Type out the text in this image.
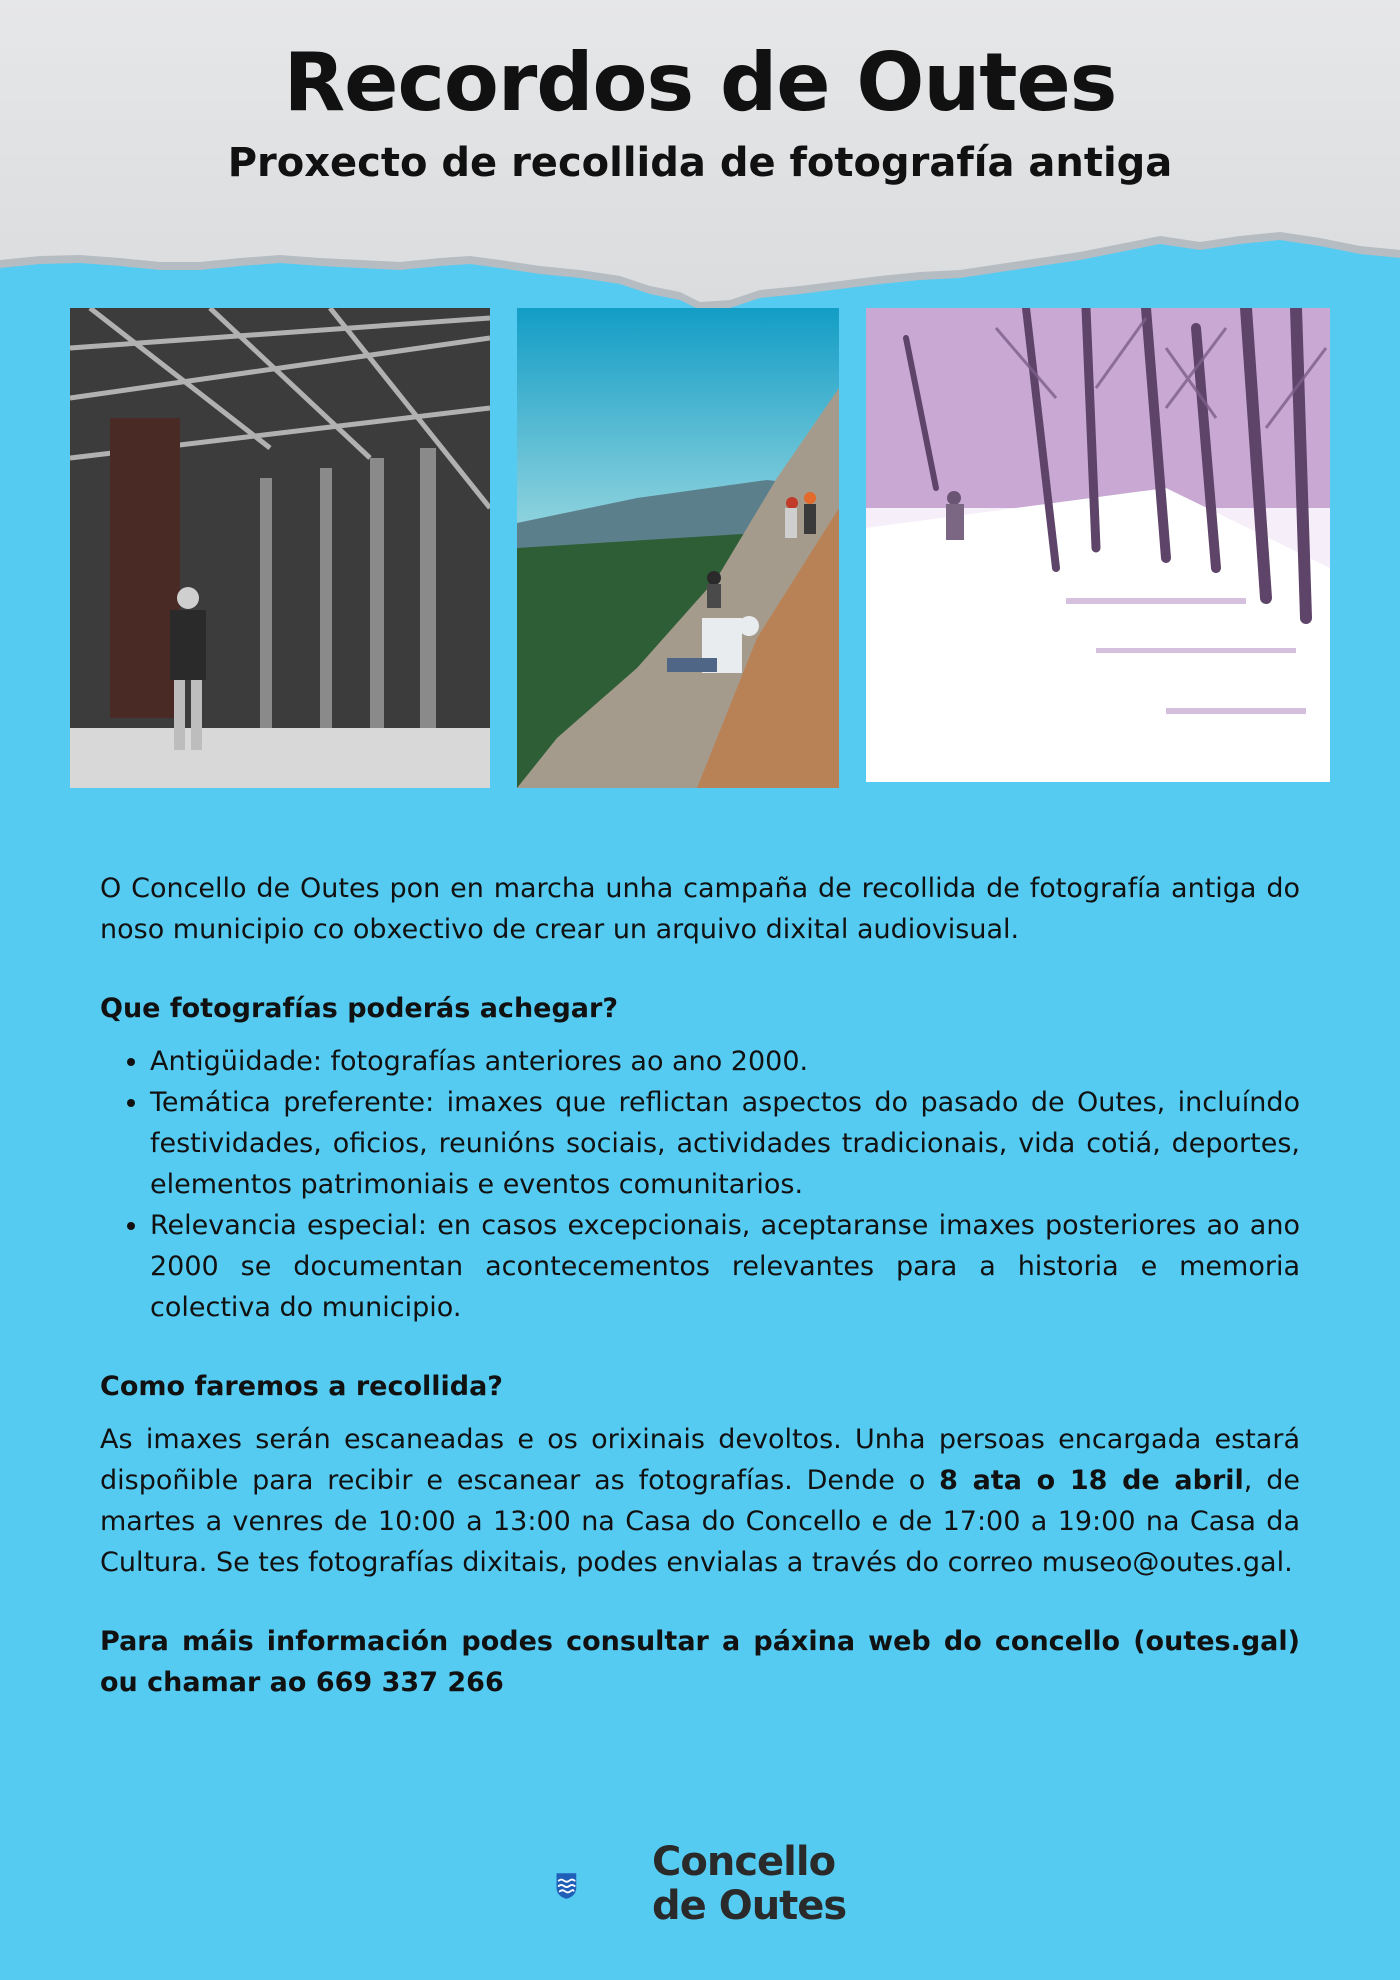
Recordos de Outes
Proxecto de recollida de fotografía antiga

O Concello de Outes pon en marcha unha campaña de recollida de fotografía antiga do noso municipio co obxectivo de crear un arquivo dixital audiovisual.

Que fotografías poderás achegar?
• Antigüidade: fotografías anteriores ao ano 2000.
• Temática preferente: imaxes que reflictan aspectos do pasado de Outes, incluíndo festividades, oficios, reunións sociais, actividades tradicionais, vida cotiá, deportes, elementos patrimoniais e eventos comunitarios.
• Relevancia especial: en casos excepcionais, aceptaranse imaxes posteriores ao ano 2000 se documentan acontecementos relevantes para a historia e memoria colectiva do municipio.
Como faremos a recollida?

As imaxes serán escaneadas e os orixinais devoltos. Unha persoas encargada estará dispoñible para recibir e escanear as fotografías. Dende o 8 ata o 18 de abril, de martes a venres de 10:00 a 13:00 na Casa do Concello e de 17:00 a 19:00 na Casa da Cultura. Se tes fotografías dixitais, podes envialas a través do correo museo@outes.gal.

Para máis información podes consultar a páxina web do concello (outes.gal) ou chamar ao 669 337 266

Concello
de Outes
